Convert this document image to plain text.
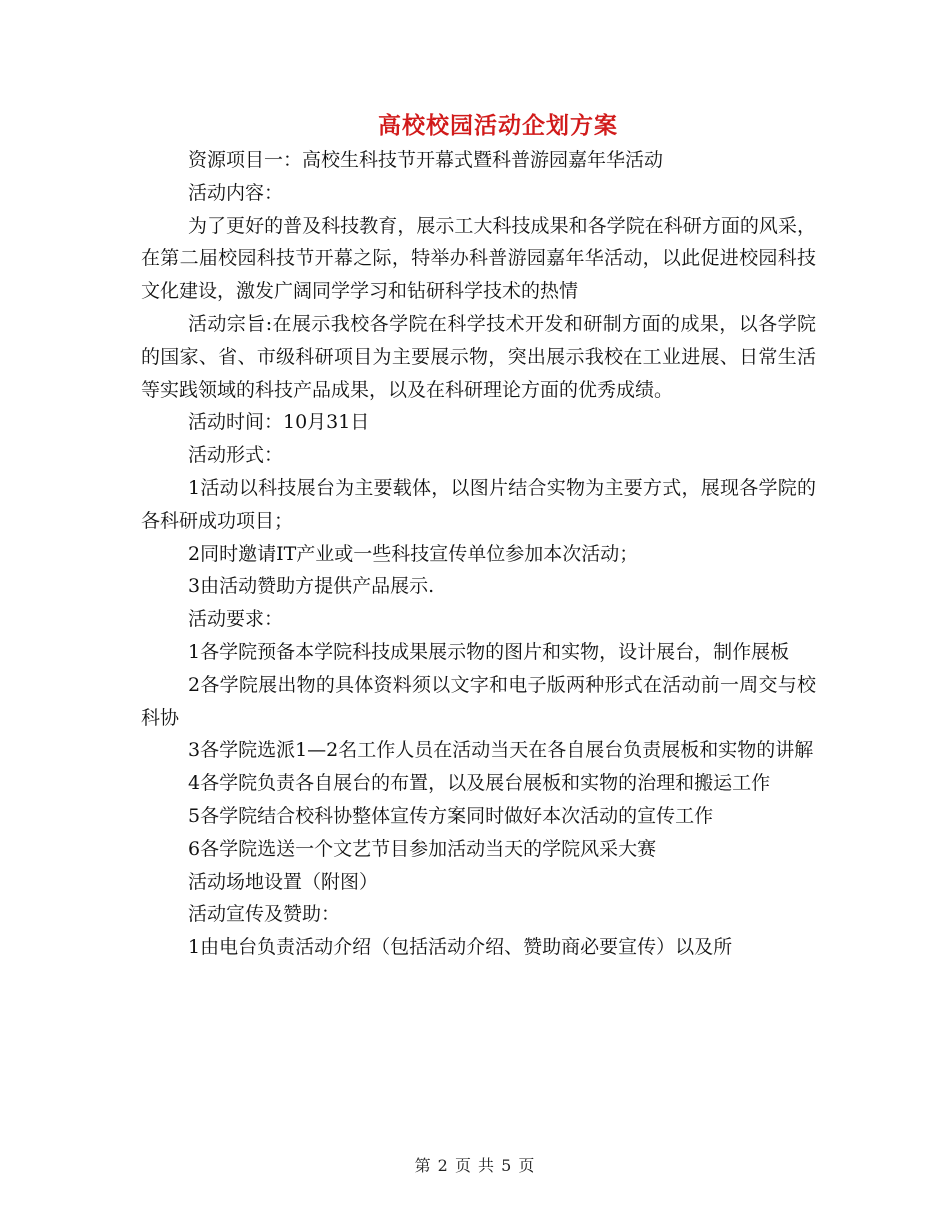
高校校园活动企划方案

资源项目一：高校生科技节开幕式暨科普游园嘉年华活动

活动内容：

为了更好的普及科技教育，展示工大科技成果和各学院在科研方面的风采，在第二届校园科技节开幕之际，特举办科普游园嘉年华活动，以此促进校园科技文化建设，激发广阔同学学习和钻研科学技术的热情

活动宗旨:在展示我校各学院在科学技术开发和研制方面的成果，以各学院的国家、省、市级科研项目为主要展示物，突出展示我校在工业进展、日常生活等实践领域的科技产品成果，以及在科研理论方面的优秀成绩。

活动时间：10月31日

活动形式：

1活动以科技展台为主要载体，以图片结合实物为主要方式，展现各学院的各科研成功项目；

2同时邀请IT产业或一些科技宣传单位参加本次活动；

3由活动赞助方提供产品展示.

活动要求：

1各学院预备本学院科技成果展示物的图片和实物，设计展台，制作展板

2各学院展出物的具体资料须以文字和电子版两种形式在活动前一周交与校科协

3各学院选派1—2名工作人员在活动当天在各自展台负责展板和实物的讲解

4各学院负责各自展台的布置，以及展台展板和实物的治理和搬运工作

5各学院结合校科协整体宣传方案同时做好本次活动的宣传工作

6各学院选送一个文艺节目参加活动当天的学院风采大赛

活动场地设置（附图）

活动宣传及赞助：

1由电台负责活动介绍（包括活动介绍、赞助商必要宣传）以及所

第 2 页 共 5 页
